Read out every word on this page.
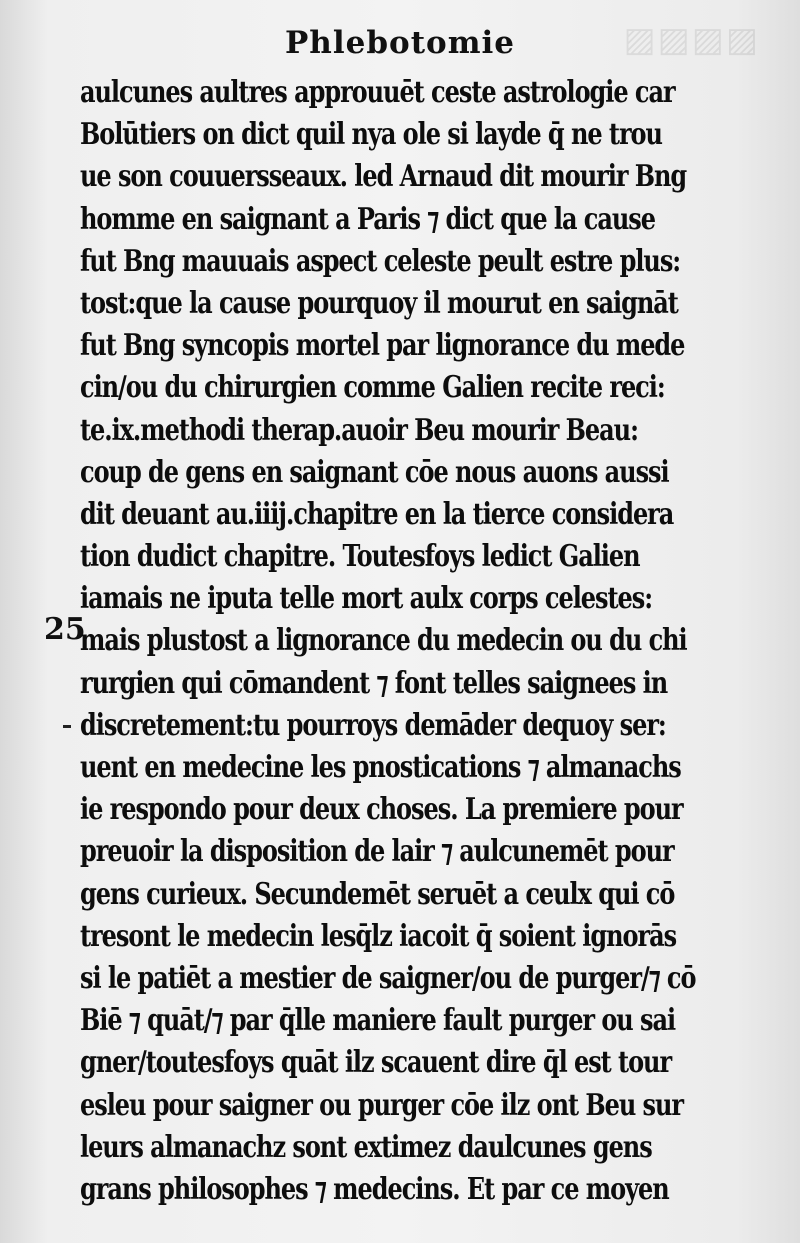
▨▨▨▨
Phlebotomie
25
aulcunes aultres approuuēt ceste astrologie car
Bolūtiers on dict quil nya ole si layde q̄ ne trou
ue son couuersseaux. led Arnaud dit mourir Bng
homme en saignant a Paris ⁊ dict que la cause
fut Bng mauuais aspect celeste peult estre plus:
tost:que la cause pourquoy il mourut en saignāt
fut Bng syncopis mortel par lignorance du mede
cin/ou du chirurgien comme Galien recite reci:
te.ix.methodi therap.auoir Beu mourir Beau:
coup de gens en saignant cōe nous auons aussi
dit deuant au.iiij.chapitre en la tierce considera
tion dudict chapitre. Toutesfoys ledict Galien
iamais ne iputa telle mort aulx corps celestes:
mais plustost a lignorance du medecin ou du chi
rurgien qui cōmandent ⁊ font telles saignees in
discretement:tu pourroys demāder dequoy ser:
uent en medecine les pnostications ⁊ almanachs
ie respondo pour deux choses. La premiere pour
preuoir la disposition de lair ⁊ aulcunemēt pour
gens curieux. Secundemēt seruēt a ceulx qui cō
tresont le medecin lesq̄lz iacoit q̄ soient ignorās
si le patiēt a mestier de saigner/ou de purger/⁊ cō
Biē ⁊ quāt/⁊ par q̄lle maniere fault purger ou sai
gner/toutesfoys quāt ilz scauent dire q̄l est tour
esleu pour saigner ou purger cōe ilz ont Beu sur
leurs almanachz sont extimez daulcunes gens
grans philosophes ⁊ medecins. Et par ce moyen
